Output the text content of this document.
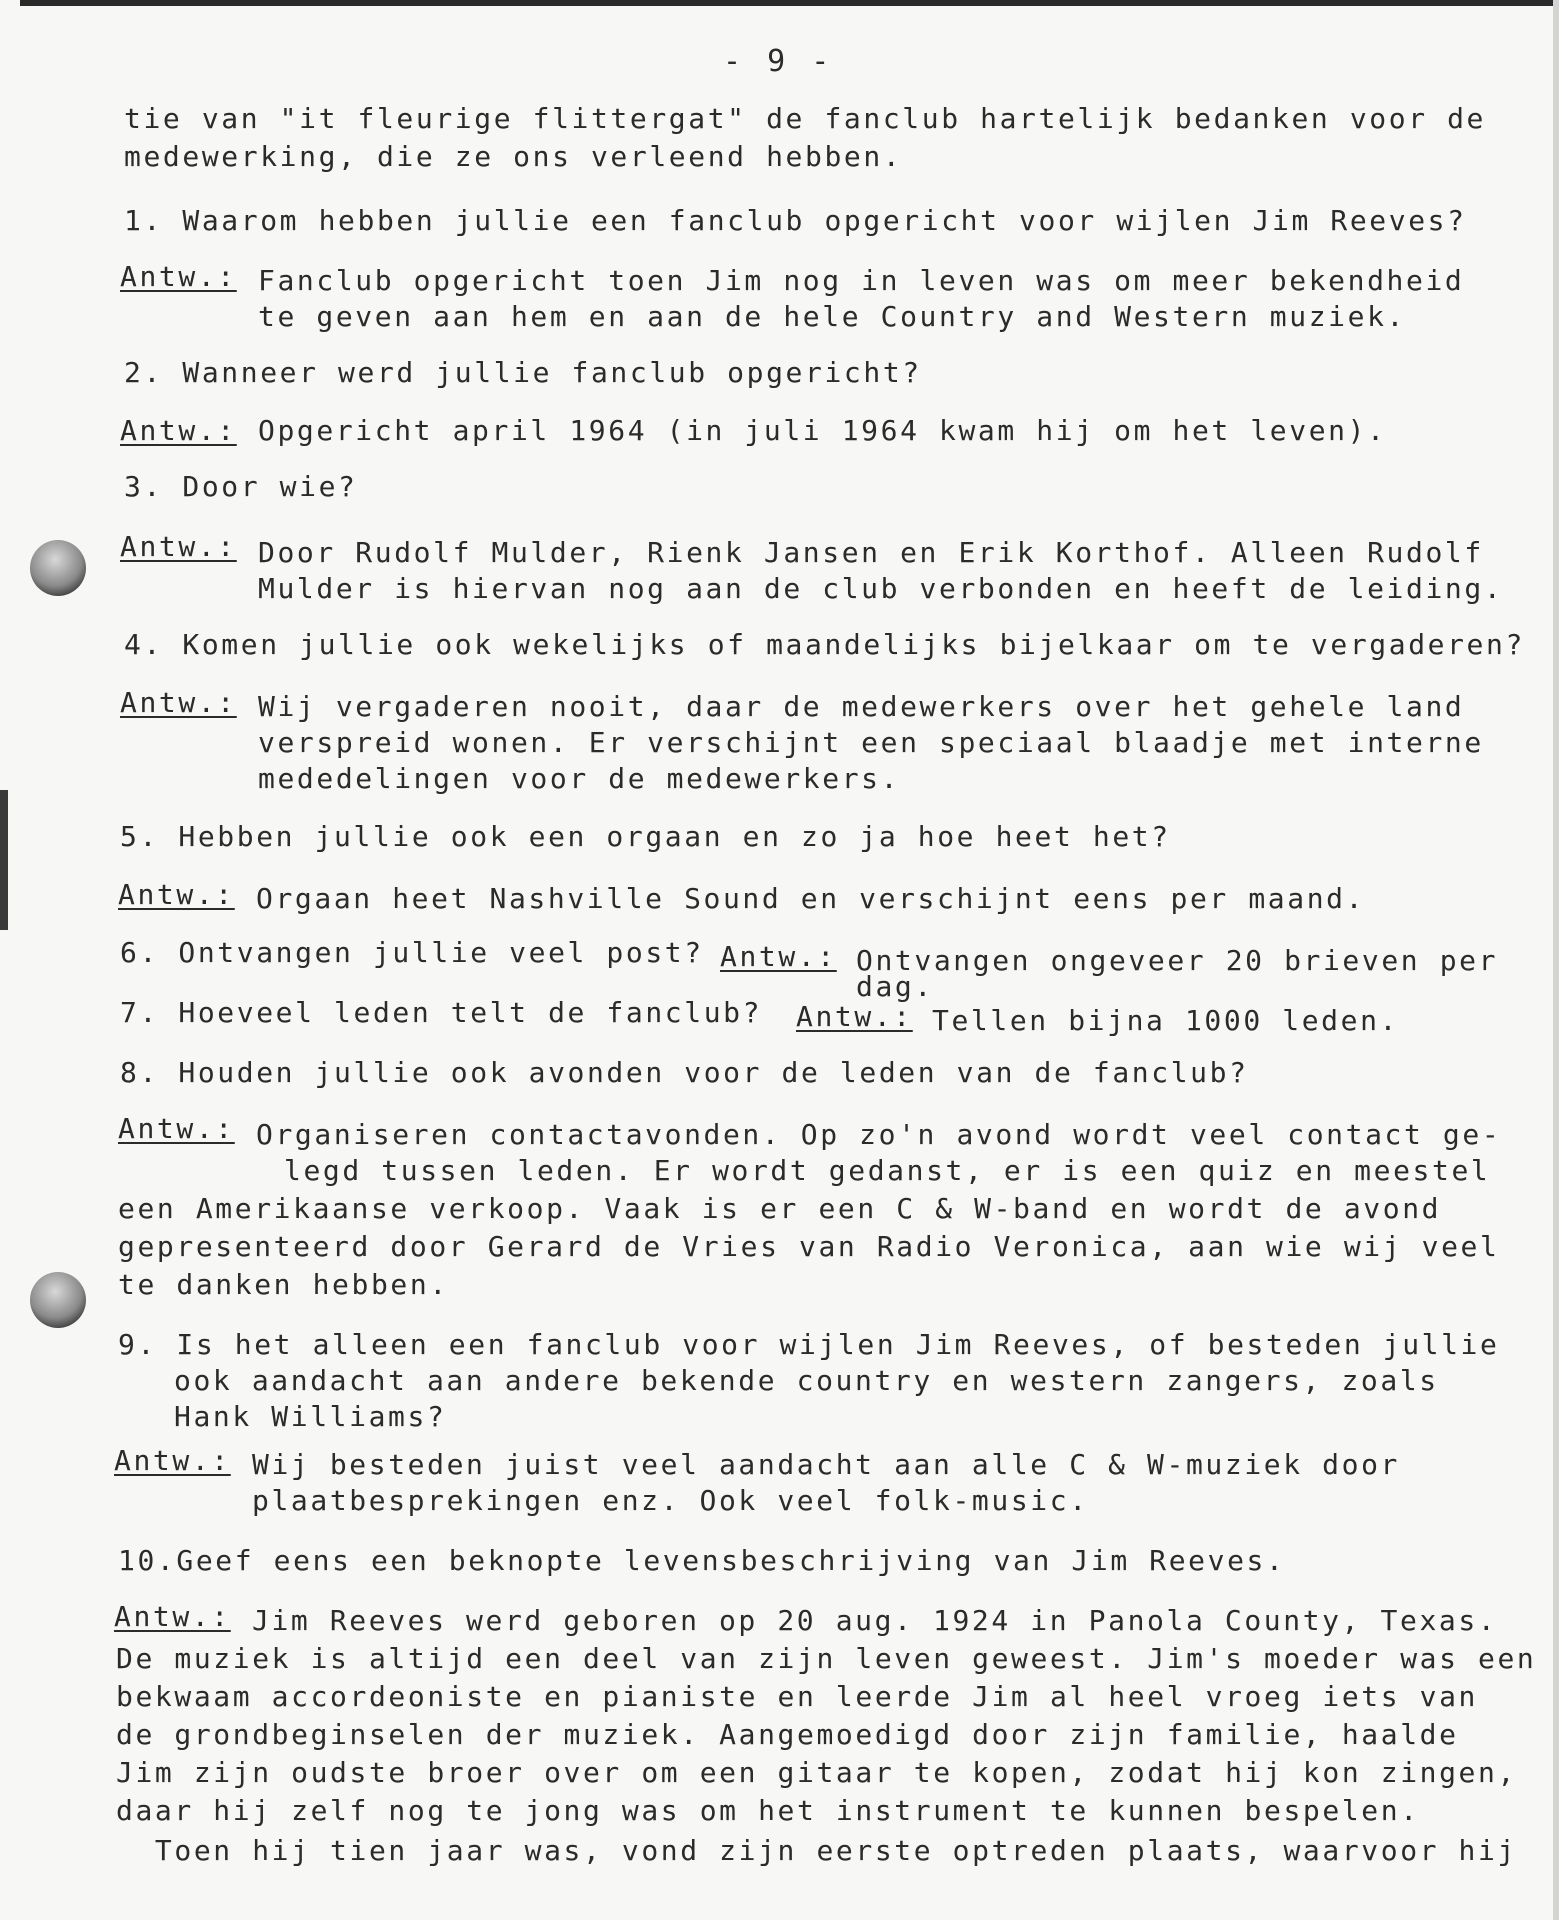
- 9 -
tie van "it fleurige flittergat" de fanclub hartelijk bedanken voor de
medewerking, die ze ons verleend hebben.
1. Waarom hebben jullie een fanclub opgericht voor wijlen Jim Reeves?
Antw.: Fanclub opgericht toen Jim nog in leven was om meer bekendheid
te geven aan hem en aan de hele Country and Western muziek.
2. Wanneer werd jullie fanclub opgericht?
Antw.: Opgericht april 1964 (in juli 1964 kwam hij om het leven).
3. Door wie?
Antw.: Door Rudolf Mulder, Rienk Jansen en Erik Korthof. Alleen Rudolf
Mulder is hiervan nog aan de club verbonden en heeft de leiding.
4. Komen jullie ook wekelijks of maandelijks bijelkaar om te vergaderen?
Antw.: Wij vergaderen nooit, daar de medewerkers over het gehele land
verspreid wonen. Er verschijnt een speciaal blaadje met interne
mededelingen voor de medewerkers.
5. Hebben jullie ook een orgaan en zo ja hoe heet het?
Antw.: Orgaan heet Nashville Sound en verschijnt eens per maand.
6. Ontvangen jullie veel post? Antw.: Ontvangen ongeveer 20 brieven per
dag.
7. Hoeveel leden telt de fanclub? Antw.: Tellen bijna 1000 leden.
8. Houden jullie ook avonden voor de leden van de fanclub?
Antw.: Organiseren contactavonden. Op zo'n avond wordt veel contact ge-
legd tussen leden. Er wordt gedanst, er is een quiz en meestel
een Amerikaanse verkoop. Vaak is er een C & W-band en wordt de avond
gepresenteerd door Gerard de Vries van Radio Veronica, aan wie wij veel
te danken hebben.
9. Is het alleen een fanclub voor wijlen Jim Reeves, of besteden jullie
ook aandacht aan andere bekende country en western zangers, zoals
Hank Williams?
Antw.: Wij besteden juist veel aandacht aan alle C & W-muziek door
plaatbesprekingen enz. Ook veel folk-music.
10.Geef eens een beknopte levensbeschrijving van Jim Reeves.
Antw.: Jim Reeves werd geboren op 20 aug. 1924 in Panola County, Texas.
De muziek is altijd een deel van zijn leven geweest. Jim's moeder was een
bekwaam accordeoniste en pianiste en leerde Jim al heel vroeg iets van
de grondbeginselen der muziek. Aangemoedigd door zijn familie, haalde
Jim zijn oudste broer over om een gitaar te kopen, zodat hij kon zingen,
daar hij zelf nog te jong was om het instrument te kunnen bespelen.
Toen hij tien jaar was, vond zijn eerste optreden plaats, waarvoor hij
